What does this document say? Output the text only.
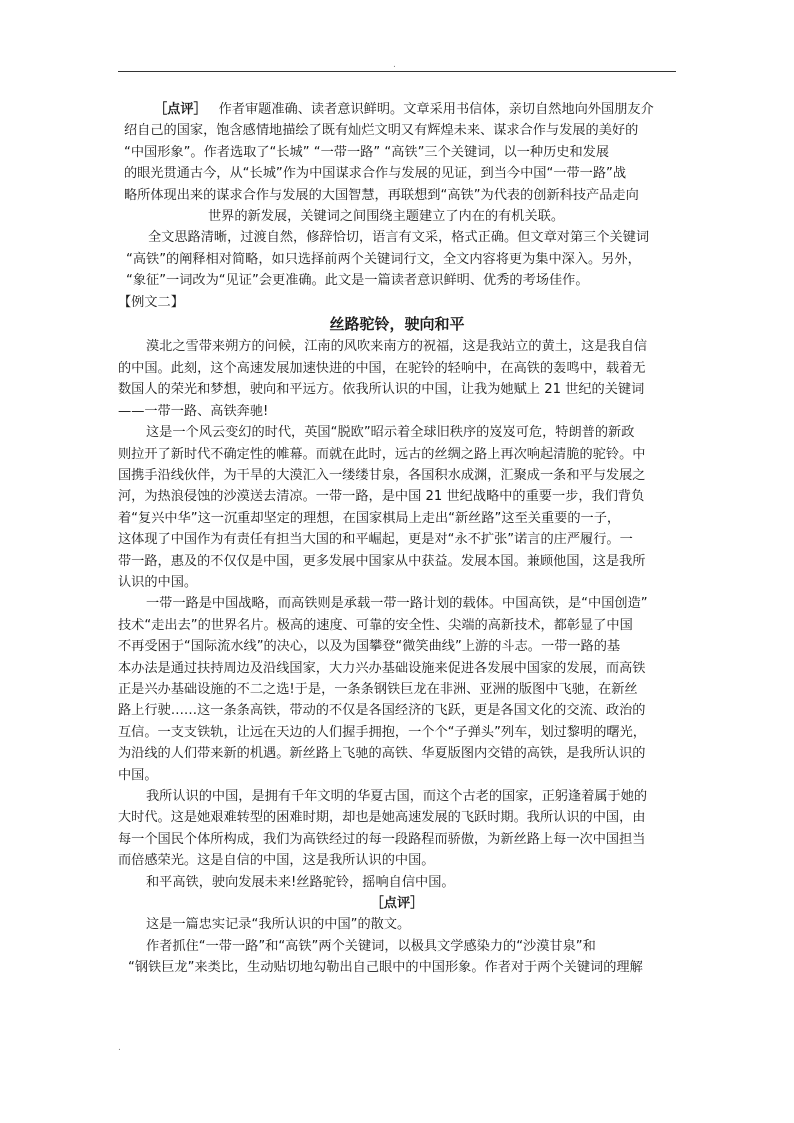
.
［点评］ 作者审题准确、读者意识鲜明。文章采用书信体，亲切自然地向外国朋友介
绍自己的国家，饱含感情地描绘了既有灿烂文明又有辉煌未来、谋求合作与发展的美好的
“中国形象”。作者选取了“长城” “一带一路” “高铁”三个关键词，以一种历史和发展
的眼光贯通古今，从“长城”作为中国谋求合作与发展的见证，到当今中国“一带一路”战
略所体现出来的谋求合作与发展的大国智慧，再联想到“高铁”为代表的创新科技产品走向
世界的新发展，关键词之间围绕主题建立了内在的有机关联。
全文思路清晰，过渡自然，修辞恰切，语言有文采，格式正确。但文章对第三个关键词
“高铁”的阐释相对简略，如只选择前两个关键词行文，全文内容将更为集中深入。另外，
“象征”一词改为“见证”会更准确。此文是一篇读者意识鲜明、优秀的考场佳作。
【例文二】
丝路驼铃，驶向和平
漠北之雪带来朔方的问候，江南的风吹来南方的祝福，这是我站立的黄土，这是我自信
的中国。此刻，这个高速发展加速快进的中国，在驼铃的轻响中，在高铁的轰鸣中，载着无
数国人的荣光和梦想，驶向和平远方。依我所认识的中国，让我为她赋上 21 世纪的关键词
——一带一路、高铁奔驰!
这是一个风云变幻的时代，英国“脱欧”昭示着全球旧秩序的岌岌可危，特朗普的新政
则拉开了新时代不确定性的帷幕。而就在此时，远古的丝绸之路上再次响起清脆的驼铃。中
国携手沿线伙伴，为干旱的大漠汇入一缕缕甘泉，各国积水成渊，汇聚成一条和平与发展之
河，为热浪侵蚀的沙漠送去清凉。一带一路，是中国 21 世纪战略中的重要一步，我们背负
着“复兴中华”这一沉重却坚定的理想，在国家棋局上走出“新丝路”这至关重要的一子，
这体现了中国作为有责任有担当大国的和平崛起，更是对“永不扩张”诺言的庄严履行。一
带一路，惠及的不仅仅是中国，更多发展中国家从中获益。发展本国。兼顾他国，这是我所
认识的中国。
一带一路是中国战略，而高铁则是承载一带一路计划的载体。中国高铁，是“中国创造”
技术“走出去”的世界名片。极高的速度、可靠的安全性、尖端的高新技术，都彰显了中国
不再受困于“国际流水线”的决心，以及为国攀登“微笑曲线”上游的斗志。一带一路的基
本办法是通过扶持周边及沿线国家，大力兴办基础设施来促进各发展中国家的发展，而高铁
正是兴办基础设施的不二之选!于是，一条条钢铁巨龙在非洲、亚洲的版图中飞驰，在新丝
路上行驶……这一条条高铁，带动的不仅是各国经济的飞跃，更是各国文化的交流、政治的
互信。一支支铁轨，让远在天边的人们握手拥抱，一个个“子弹头”列车，划过黎明的曙光，
为沿线的人们带来新的机遇。新丝路上飞驰的高铁、华夏版图内交错的高铁，是我所认识的
中国。
我所认识的中国，是拥有千年文明的华夏古国，而这个古老的国家，正躬逢着属于她的
大时代。这是她艰难转型的困难时期，却也是她高速发展的飞跃时期。我所认识的中国，由
每一个国民个体所构成，我们为高铁经过的每一段路程而骄傲，为新丝路上每一次中国担当
而倍感荣光。这是自信的中国，这是我所认识的中国。
和平高铁，驶向发展未来!丝路驼铃，摇响自信中国。
［点评］
这是一篇忠实记录“我所认识的中国”的散文。
作者抓住“一带一路”和“高铁”两个关键词，以极具文学感染力的“沙漠甘泉”和
“钢铁巨龙”来类比，生动贴切地勾勒出自己眼中的中国形象。作者对于两个关键词的理解
.
